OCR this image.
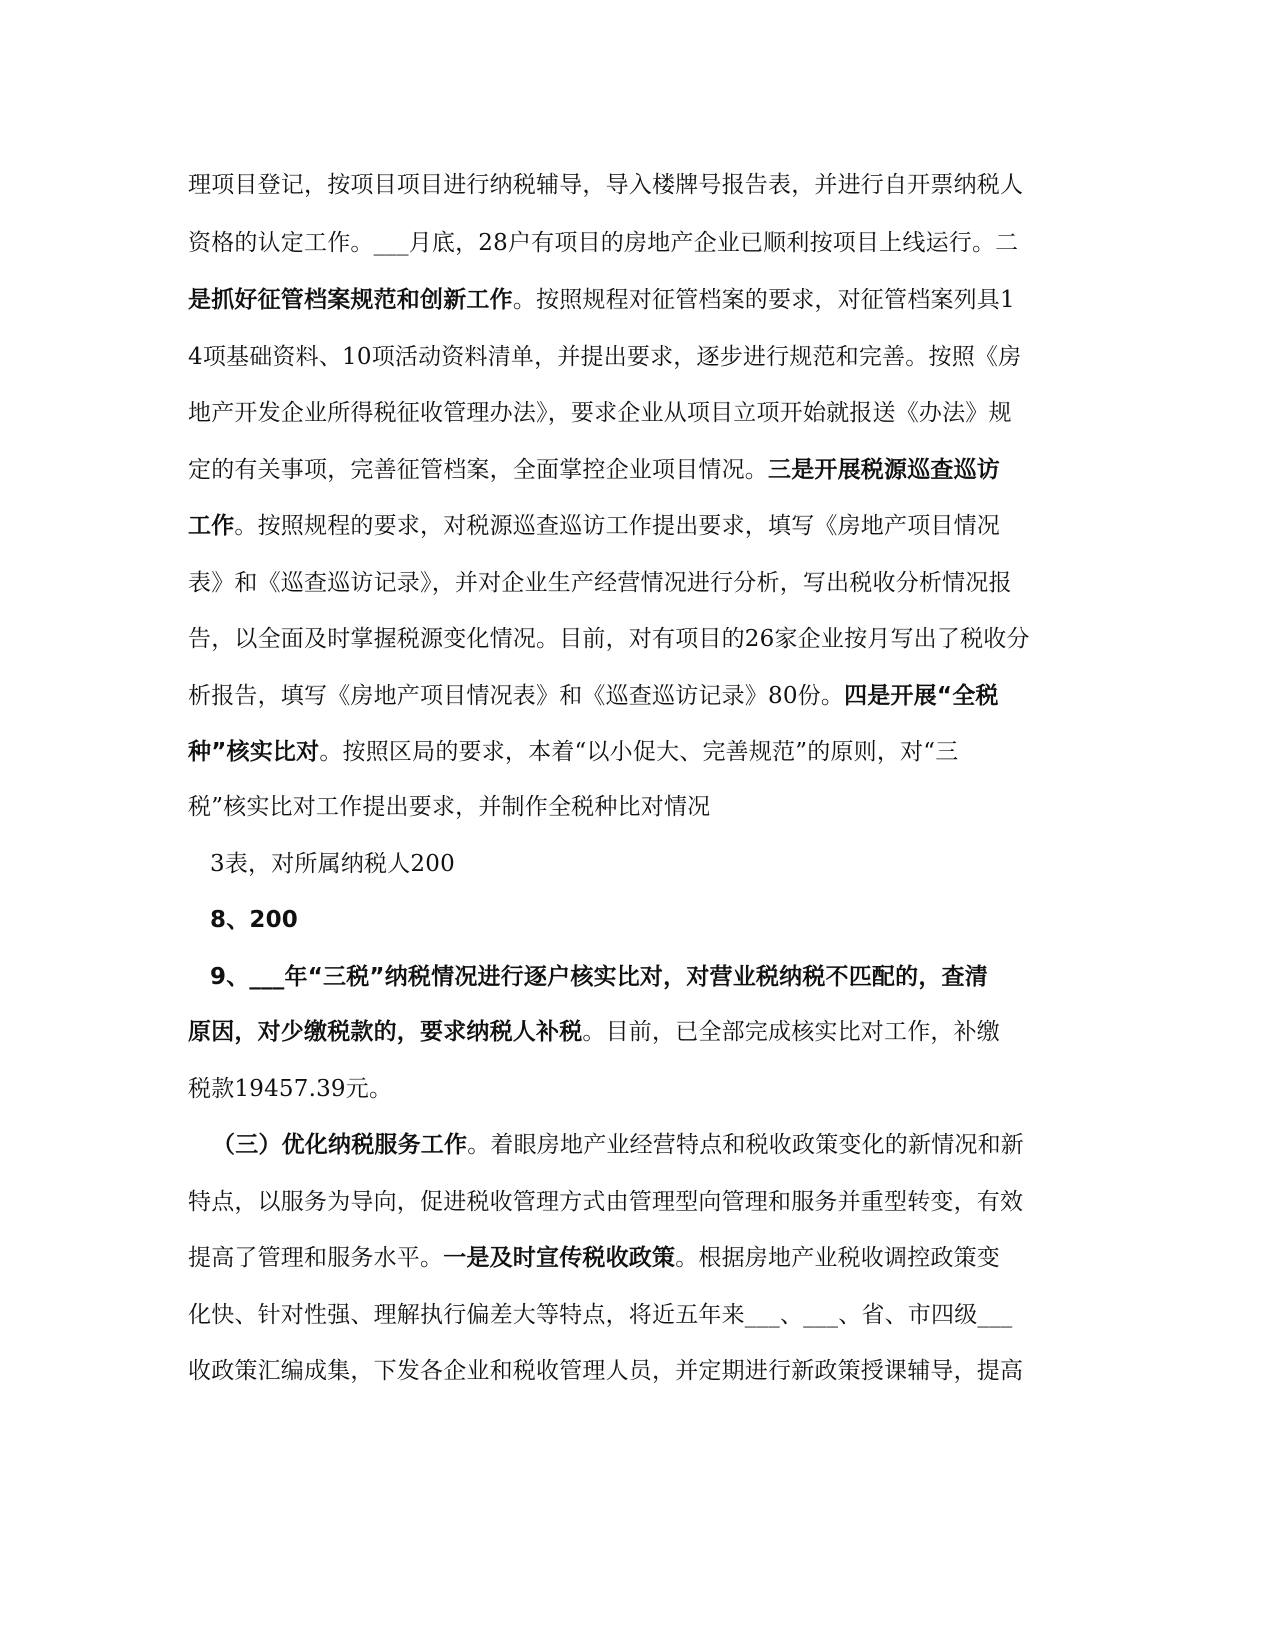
理项目登记，按项目项目进行纳税辅导，导入楼牌号报告表，并进行自开票纳税人
资格的认定工作。___月底，28户有项目的房地产企业已顺利按项目上线运行。二
是抓好征管档案规范和创新工作。按照规程对征管档案的要求，对征管档案列具1
4项基础资料、10项活动资料清单，并提出要求，逐步进行规范和完善。按照《房
地产开发企业所得税征收管理办法》，要求企业从项目立项开始就报送《办法》规
定的有关事项，完善征管档案，全面掌控企业项目情况。三是开展税源巡查巡访
工作。按照规程的要求，对税源巡查巡访工作提出要求，填写《房地产项目情况
表》和《巡查巡访记录》，并对企业生产经营情况进行分析，写出税收分析情况报
告，以全面及时掌握税源变化情况。目前，对有项目的26家企业按月写出了税收分
析报告，填写《房地产项目情况表》和《巡查巡访记录》80份。四是开展“全税
种”核实比对。按照区局的要求，本着“以小促大、完善规范”的原则，对“三
税”核实比对工作提出要求，并制作全税种比对情况
3表，对所属纳税人200
8、200
9、___年“三税”纳税情况进行逐户核实比对，对营业税纳税不匹配的，查清
原因，对少缴税款的，要求纳税人补税。目前，已全部完成核实比对工作，补缴
税款19457.39元。
（三）优化纳税服务工作。着眼房地产业经营特点和税收政策变化的新情况和新
特点，以服务为导向，促进税收管理方式由管理型向管理和服务并重型转变，有效
提高了管理和服务水平。一是及时宣传税收政策。根据房地产业税收调控政策变
化快、针对性强、理解执行偏差大等特点，将近五年来___、___、省、市四级___
收政策汇编成集，下发各企业和税收管理人员，并定期进行新政策授课辅导，提高
